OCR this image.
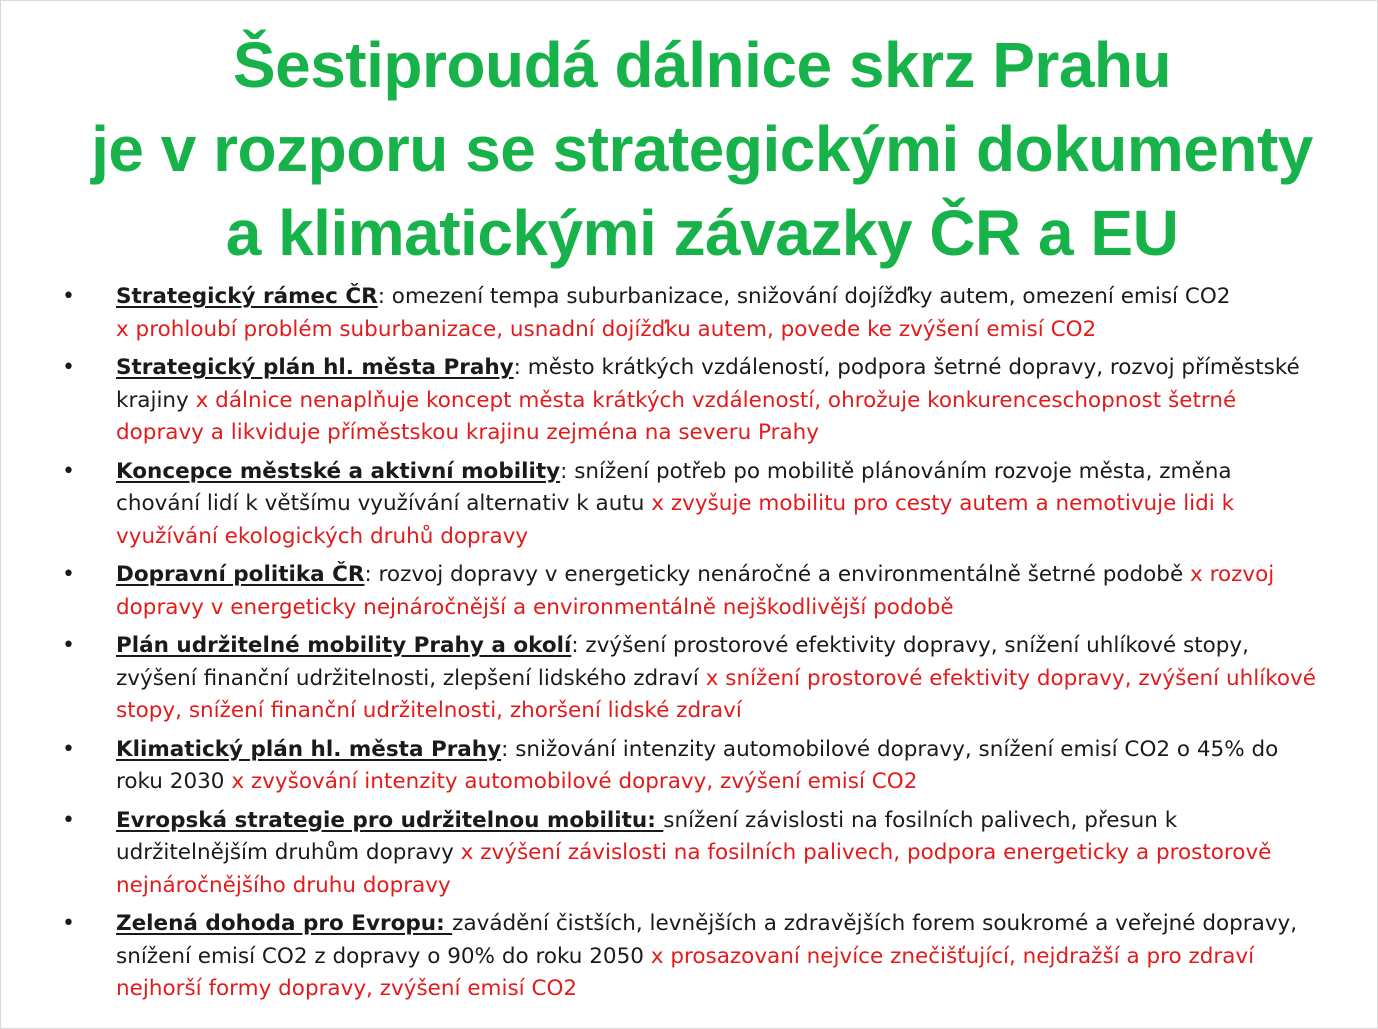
Šestiproudá dálnice skrz Prahu
je v rozporu se strategickými dokumenty
a klimatickými závazky ČR a EU
• Strategický rámec ČR: omezení tempa suburbanizace, snižování dojížďky autem, omezení emisí CO2
x prohloubí problém suburbanizace, usnadní dojížďku autem, povede ke zvýšení emisí CO2
• Strategický plán hl. města Prahy: město krátkých vzdáleností, podpora šetrné dopravy, rozvoj příměstské krajiny x dálnice nenaplňuje koncept města krátkých vzdáleností, ohrožuje konkurenceschopnost šetrné dopravy a likviduje příměstskou krajinu zejména na severu Prahy
• Koncepce městské a aktivní mobility: snížení potřeb po mobilitě plánováním rozvoje města, změna chování lidí k většímu využívání alternativ k autu x zvyšuje mobilitu pro cesty autem a nemotivuje lidi k využívání ekologických druhů dopravy
• Dopravní politika ČR: rozvoj dopravy v energeticky nenáročné a environmentálně šetrné podobě x rozvoj dopravy v energeticky nejnáročnější a environmentálně nejškodlivější podobě
• Plán udržitelné mobility Prahy a okolí: zvýšení prostorové efektivity dopravy, snížení uhlíkové stopy, zvýšení finanční udržitelnosti, zlepšení lidského zdraví x snížení prostorové efektivity dopravy, zvýšení uhlíkové stopy, snížení finanční udržitelnosti, zhoršení lidské zdraví
• Klimatický plán hl. města Prahy: snižování intenzity automobilové dopravy, snížení emisí CO2 o 45% do roku 2030 x zvyšování intenzity automobilové dopravy, zvýšení emisí CO2
• Evropská strategie pro udržitelnou mobilitu: snížení závislosti na fosilních palivech, přesun k udržitelnějším druhům dopravy x zvýšení závislosti na fosilních palivech, podpora energeticky a prostorově nejnáročnějšího druhu dopravy
• Zelená dohoda pro Evropu: zavádění čistších, levnějších a zdravějších forem soukromé a veřejné dopravy, snížení emisí CO2 z dopravy o 90% do roku 2050 x prosazovaní nejvíce znečišťující, nejdražší a pro zdraví nejhorší formy dopravy, zvýšení emisí CO2
